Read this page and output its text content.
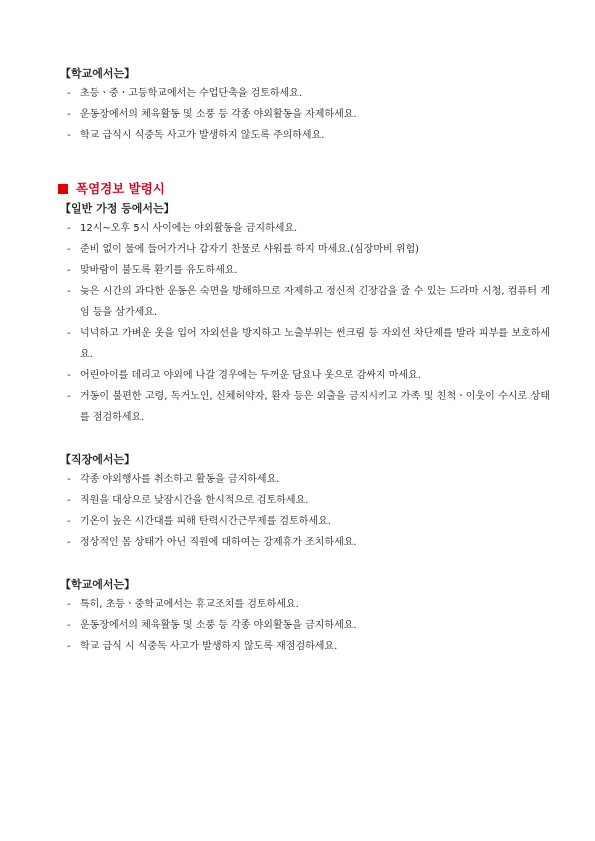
【학교에서는】
- 초등ㆍ중ㆍ고등학교에서는 수업단축을 검토하세요.
- 운동장에서의 체육활동 및 소풍 등 각종 야외활동을 자제하세요.
- 학교 급식시 식중독 사고가 발생하지 않도록 주의하세요.
폭염경보 발령시
【일반 가정 등에서는】
- 12시~오후 5시 사이에는 야외활동을 금지하세요.
- 준비 없이 물에 들어가거나 갑자기 찬물로 샤워를 하지 마세요.(심장마비 위험)
- 맞바람이 불도록 환기를 유도하세요.
- 늦은 시간의 과다한 운동은 숙면을 방해하므로 자제하고 정신적 긴장감을 줄 수 있는 드라마 시청, 컴퓨터 게임 등을 삼가세요.
- 넉넉하고 가벼운 옷을 입어 자외선을 방지하고 노출부위는 썬크림 등 자외선 차단제를 발라 피부를 보호하세요.
- 어린아이를 데리고 야외에 나갈 경우에는 두꺼운 담요나 옷으로 감싸지 마세요.
- 거동이 불편한 고령, 독거노인, 신체허약자, 환자 등은 외출을 금지시키고 가족 및 친척ㆍ이웃이 수시로 상태를 점검하세요.
【직장에서는】
- 각종 야외행사를 취소하고 활동을 금지하세요.
- 직원을 대상으로 낮잠시간을 한시적으로 검토하세요.
- 기온이 높은 시간대를 피해 탄력시간근무제를 검토하세요.
- 정상적인 몸 상태가 아닌 직원에 대하여는 강제휴가 조치하세요.
【학교에서는】
- 특히, 초등ㆍ중학교에서는 휴교조치를 검토하세요.
- 운동장에서의 체육활동 및 소풍 등 각종 야외활동을 금지하세요.
- 학교 급식 시 식중독 사고가 발생하지 않도록 재점검하세요.
